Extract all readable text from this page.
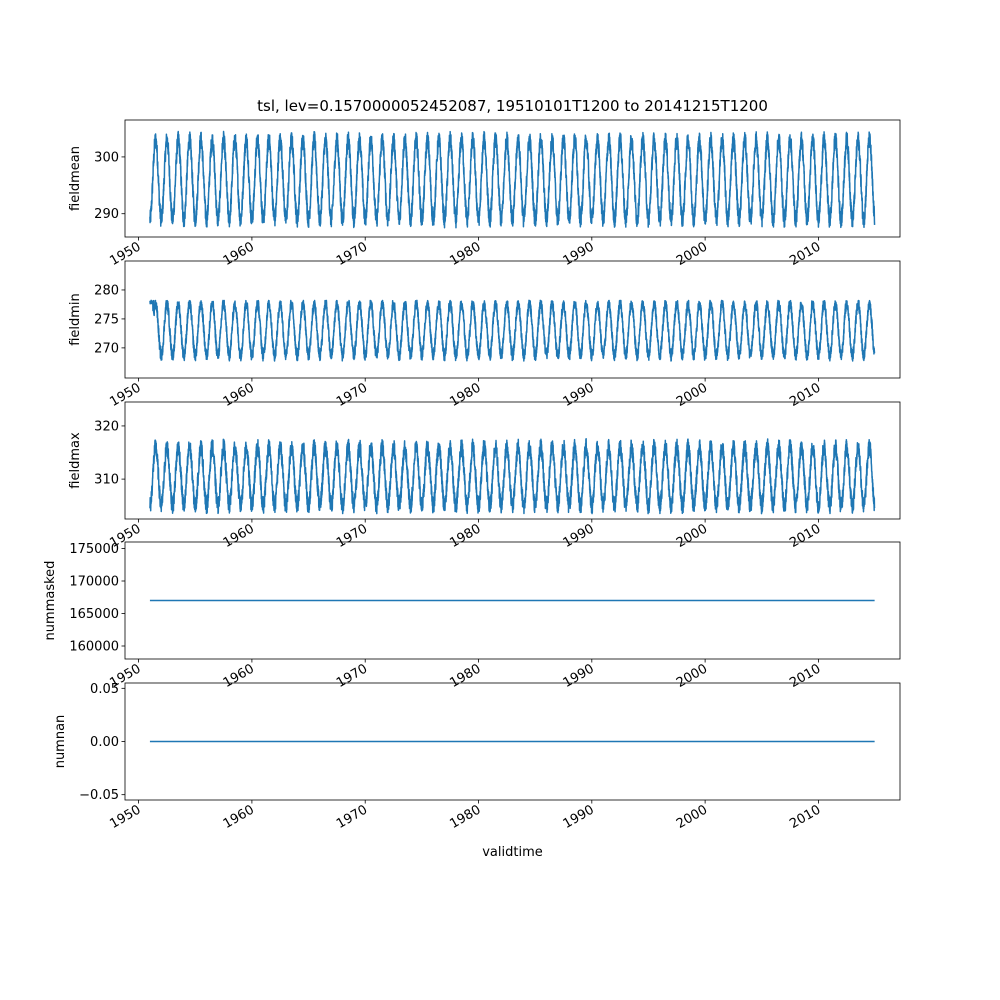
tsl, lev=0.1570000052452087, 19510101T1200 to 20141215T1200
290
300
1950	1960	1970	1980	1990	2000	2010
fieldmean
270
275
280
1950	1960	1970	1980	1990	2000	2010
fieldmin
310
320
1950	1960	1970	1980	1990	2000	2010
fieldmax
160000
165000
170000
175000
1950	1960	1970	1980	1990	2000	2010
nummasked
−0.05
0.00
0.05
1950	1960	1970	1980	1990	2000	2010
numnan
validtime
